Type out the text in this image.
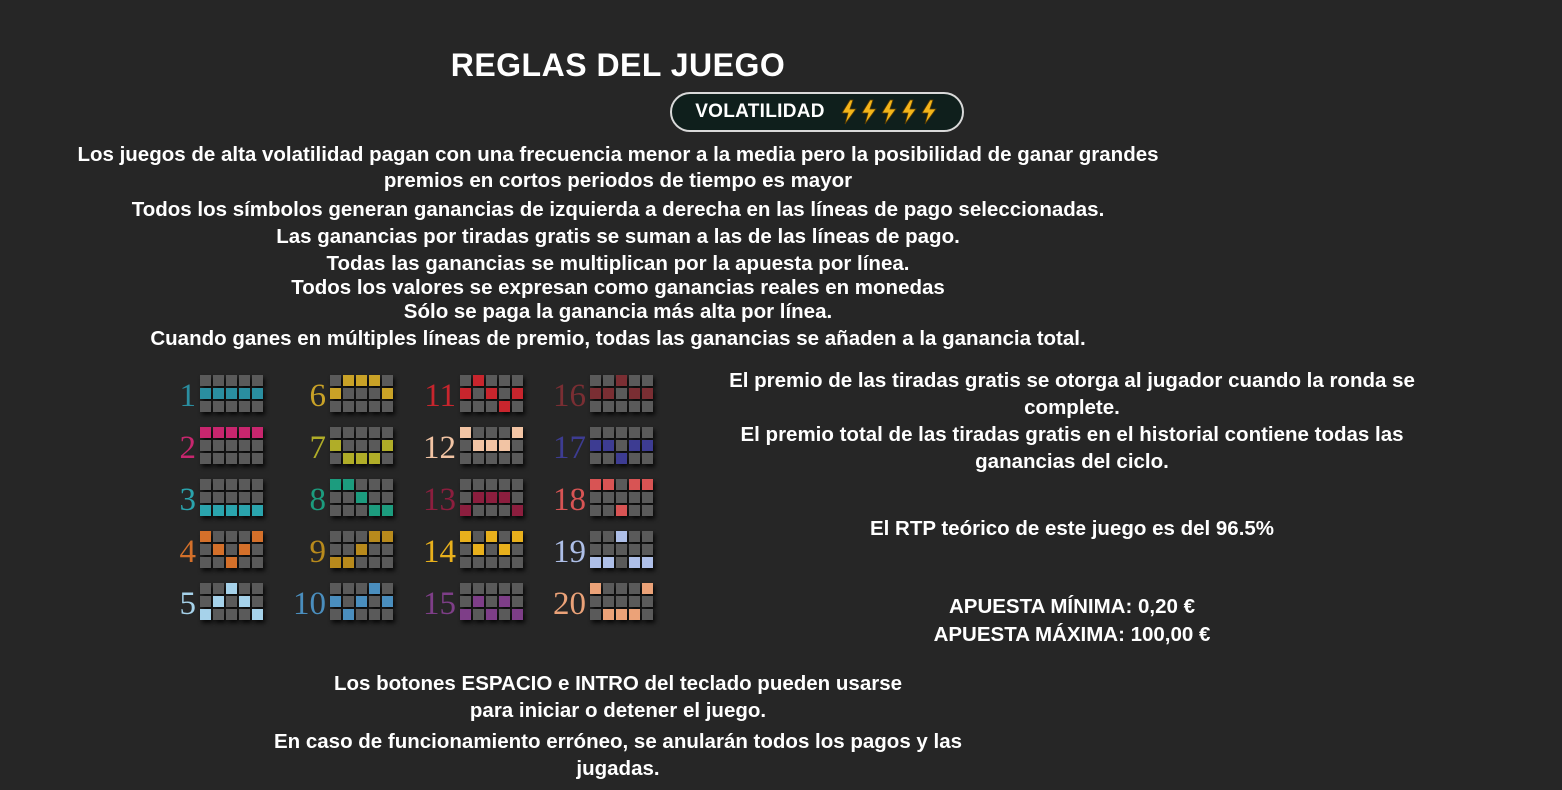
REGLAS DEL JUEGO
VOLATILIDAD
Los juegos de alta volatilidad pagan con una frecuencia menor a la media pero la posibilidad de ganar grandes
premios en cortos periodos de tiempo es mayor
Todos los símbolos generan ganancias de izquierda a derecha en las líneas de pago seleccionadas.
Las ganancias por tiradas gratis se suman a las de las líneas de pago.
Todas las ganancias se multiplican por la apuesta por línea.
Todos los valores se expresan como ganancias reales en monedas
Sólo se paga la ganancia más alta por línea.
Cuando ganes en múltiples líneas de premio, todas las ganancias se añaden a la ganancia total.
1
2
3
4
5
6
7
8
9
10
11
12
13
14
15
16
17
18
19
20
El premio de las tiradas gratis se otorga al jugador cuando la ronda se
complete.
El premio total de las tiradas gratis en el historial contiene todas las
ganancias del ciclo.
El RTP teórico de este juego es del 96.5%
APUESTA MÍNIMA: 0,20 €
APUESTA MÁXIMA: 100,00 €
Los botones ESPACIO e INTRO del teclado pueden usarse
para iniciar o detener el juego.
En caso de funcionamiento erróneo, se anularán todos los pagos y las
jugadas.
